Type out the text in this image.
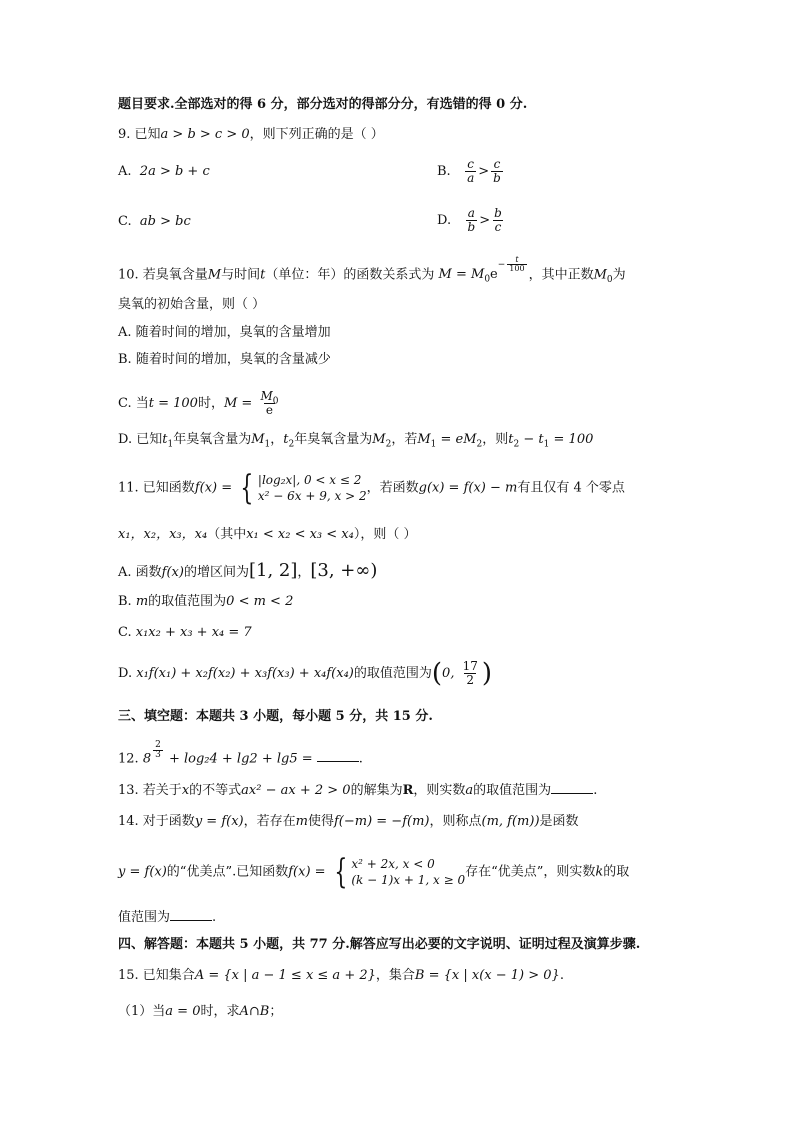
题目要求.全部选对的得 6 分，部分选对的得部分分，有选错的得 0 分.
9. 已知a > b > c > 0，则下列正确的是（ ）
A. 2a > b + c	B. $\frac{c}{a} > \frac{c}{b}$
C. ab > bc	D. $\frac{a}{b} > \frac{b}{c}$
10. 若臭氧含量M与时间t（单位：年）的函数关系式为 $M = M_0e^{- \frac{t}{100}}$
，其中正数$M_0$为
臭氧的初始含量，则（ ）
A. 随着时间的增加，臭氧的含量增加
B. 随着时间的增加，臭氧的含量减少
C. 当t = 100时，$M = \frac{M_0}{e}$
D. 已知$t_1$年臭氧含量为$M_1$，$t_2$年臭氧含量为$M_2$，若$M_1 = eM_2$，则$t_2 - t_1 = 100$
11. 已知函数f(x) = { |log₂x|, 0 < x ≤ 2
x² − 6x + 9, x > 2
，若函数g(x) = f(x) − m有且仅有 4 个零点
x₁，x₂，x₃，x₄（其中x₁ < x₂ < x₃ < x₄），则（ ）
A. 函数f(x)的增区间为[1, 2]，[3, +∞)
B. m的取值范围为0 < m < 2
C. x₁x₂ + x₃ + x₄ = 7
D. x₁f(x₁) + x₂f(x₂) + x₃f(x₃) + x₄f(x₄)的取值范围为(0, $\frac{17}{2}$ )
三、填空题：本题共 3 小题，每小题 5 分，共 15 分.
12. 8 $^{\frac{2}{3}}$ + log₂4 + lg2 + lg5 =	.
13. 若关于x的不等式ax² − ax + 2 > 0的解集为R，则实数a的取值范围为	.
14. 对于函数y = f(x)，若存在m使得f(−m) = −f(m)，则称点(m, f(m))是函数
y = f(x)的“优美点”.已知函数f(x) = { x² + 2x, x < 0
(k − 1)x + 1, x ≥ 0
存在“优美点”，则实数k的取
值范围为	.
四、解答题：本题共 5 小题，共 77 分.解答应写出必要的文字说明、证明过程及演算步骤.
15. 已知集合A = {x | a − 1 ≤ x ≤ a + 2}，集合B = {x | x(x − 1) > 0}.
（1）当a = 0时，求A∩B；
